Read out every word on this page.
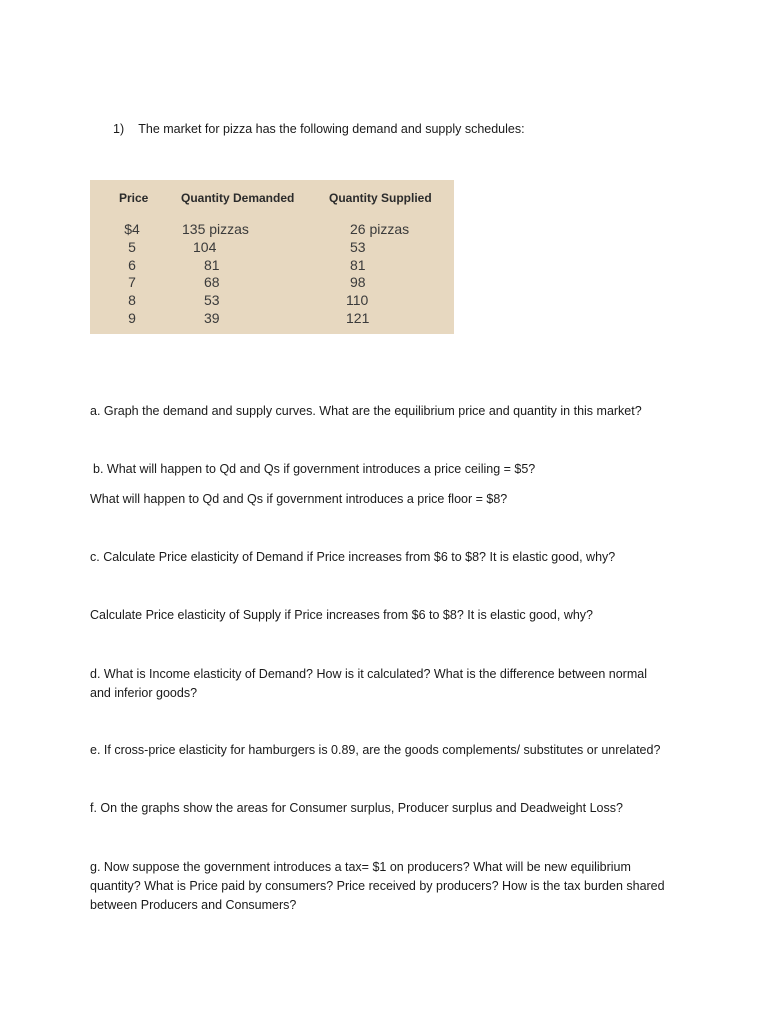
1) The market for pizza has the following demand and supply schedules:
Price	Quantity Demanded	Quantity Supplied
$4
5
6
7
8
9
135 pizzas
104
81
68
53
39
26 pizzas
53
81
98
110
121
a. Graph the demand and supply curves. What are the equilibrium price and quantity in this market?
b. What will happen to Qd and Qs if government introduces a price ceiling = $5?
What will happen to Qd and Qs if government introduces a price floor = $8?
c. Calculate Price elasticity of Demand if Price increases from $6 to $8? It is elastic good, why?
Calculate Price elasticity of Supply if Price increases from $6 to $8? It is elastic good, why?
d. What is Income elasticity of Demand? How is it calculated? What is the difference between normal and inferior goods?
e. If cross-price elasticity for hamburgers is 0.89, are the goods complements/ substitutes or unrelated?
f. On the graphs show the areas for Consumer surplus, Producer surplus and Deadweight Loss?
g. Now suppose the government introduces a tax= $1 on producers? What will be new equilibrium quantity? What is Price paid by consumers? Price received by producers? How is the tax burden shared between Producers and Consumers?
